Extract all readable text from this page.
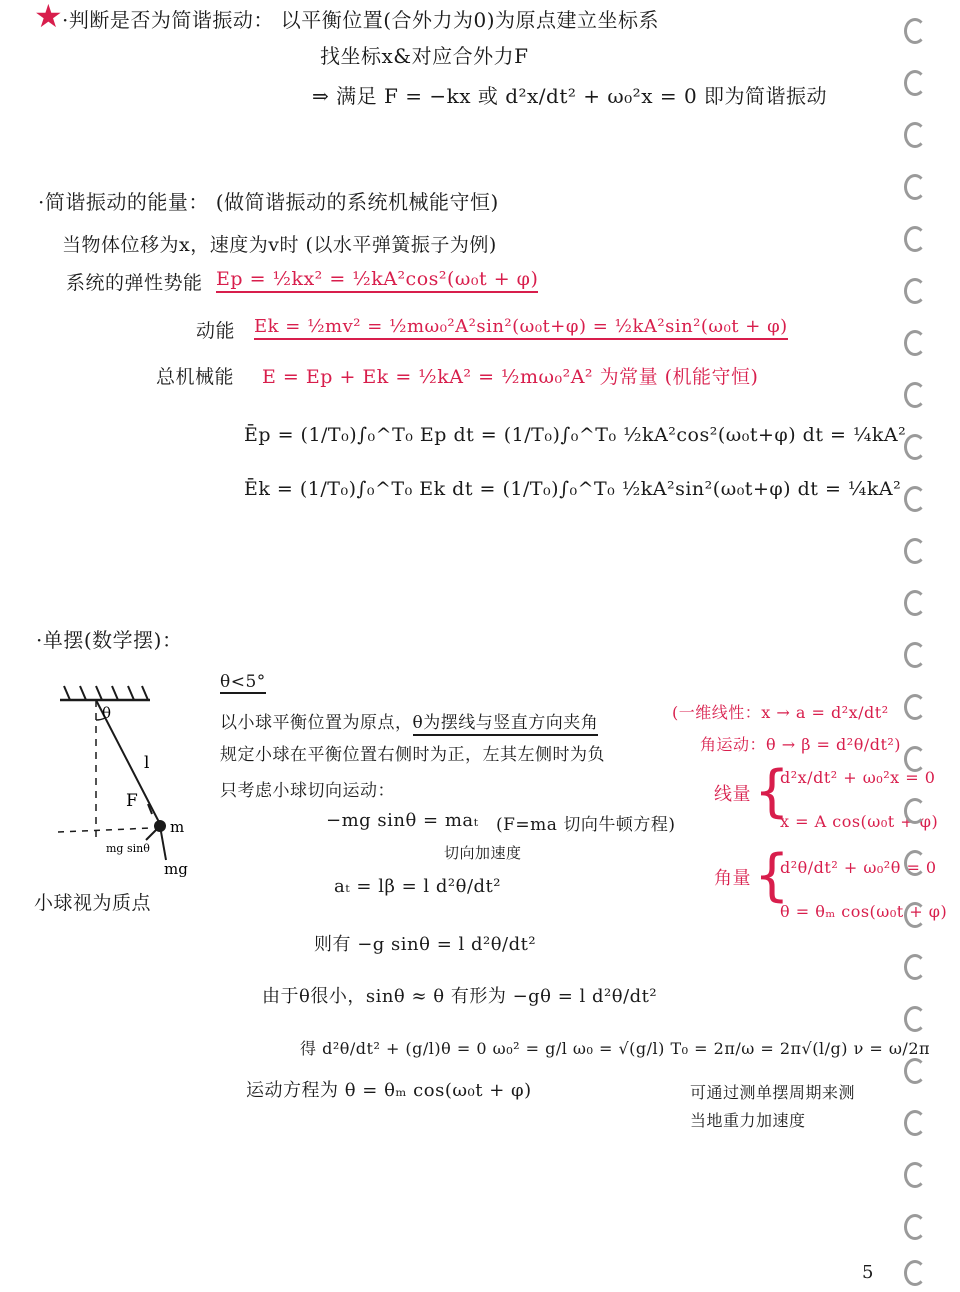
★ ·判断是否为简谐振动： 以平衡位置(合外力为0)为原点建立坐标系
找坐标x&对应合外力F
⇒ 满足 F = −kx 或 d²x/dt² + ω₀²x = 0 即为简谐振动
·简谐振动的能量： (做简谐振动的系统机械能守恒)
当物体位移为x，速度为v时 (以水平弹簧振子为例)
系统的弹性势能 Ep = ½kx² = ½kA²cos²(ω₀t + φ)
动能 Ek = ½mv² = ½mω₀²A²sin²(ω₀t+φ) = ½kA²sin²(ω₀t + φ)
总机械能 E = Ep + Ek = ½kA² = ½mω₀²A² 为常量 (机能守恒)
Ēp = (1/T₀)∫₀^T₀ Ep dt = (1/T₀)∫₀^T₀ ½kA²cos²(ω₀t+φ) dt = ¼kA²
Ēk = (1/T₀)∫₀^T₀ Ek dt = (1/T₀)∫₀^T₀ ½kA²sin²(ω₀t+φ) dt = ¼kA²
·单摆(数学摆)：
θ
l
F
m
mg sinθ
mg
小球视为质点
θ<5°
以小球平衡位置为原点，θ为摆线与竖直方向夹角
规定小球在平衡位置右侧时为正，左其左侧时为负
只考虑小球切向运动：
−mg sinθ = maₜ (F=ma 切向牛顿方程)
切向加速度
aₜ = lβ = l d²θ/dt²
则有 −g sinθ = l d²θ/dt²
由于θ很小，sinθ ≈ θ 有形为 −gθ = l d²θ/dt²
得 d²θ/dt² + (g/l)θ = 0 ω₀² = g/l ω₀ = √(g/l) T₀ = 2π/ω = 2π√(l/g) ν = ω/2π
运动方程为 θ = θₘ cos(ω₀t + φ)	可通过测单摆周期来测
当地重力加速度
(一维线性：x → a = d²x/dt²
角运动：θ → β = d²θ/dt²)
线量 {
d²x/dt² + ω₀²x = 0
x = A cos(ω₀t + φ)
角量 {
d²θ/dt² + ω₀²θ = 0
θ = θₘ cos(ω₀t + φ)
5
